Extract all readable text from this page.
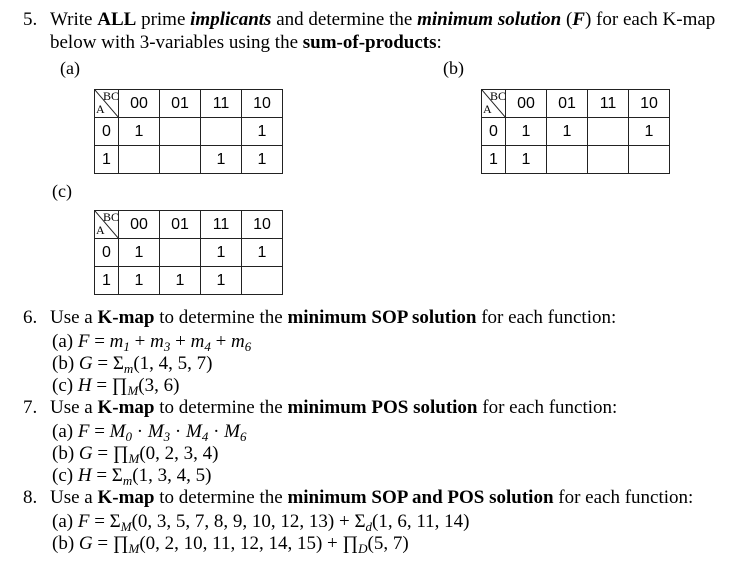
5. Write ALL prime implicants and determine the minimum solution (F) for each K-map
below with 3-variables using the sum-of-products:
(a)	(b)
(c)
BC
A	00	01	11	10
0	1			1
1			1	1
BC
A	00	01	11	10
0	1	1		1
1	1			
BC
A	00	01	11	10
0	1		1	1
1	1	1	1	
6. Use a K-map to determine the minimum SOP solution for each function:
(a) $F = m_1 + m_3 + m_4 + m_6$
(b) $G = \Sigma_m(1$, 4, 5, 7)
(c) $H = \prod_M(3$, 6)
7. Use a K-map to determine the minimum POS solution for each function:
(a) $F = M_0 \cdot M_3 \cdot M_4 \cdot M_6$
(b) $G = \prod_M(0$, 2, 3, 4)
(c) $H = \Sigma_m(1$, 3, 4, 5)
8. Use a K-map to determine the minimum SOP and POS solution for each function:
(a) $F = \Sigma_M(0$, 3, 5, 7, 8, 9, 10, 12, $13) + \Sigma_d(1$, 6, 11, 14)
(b) $G = \prod_M(0$, 2, 10, 11, 12, 14, $15) + \prod_D(5$, 7)
